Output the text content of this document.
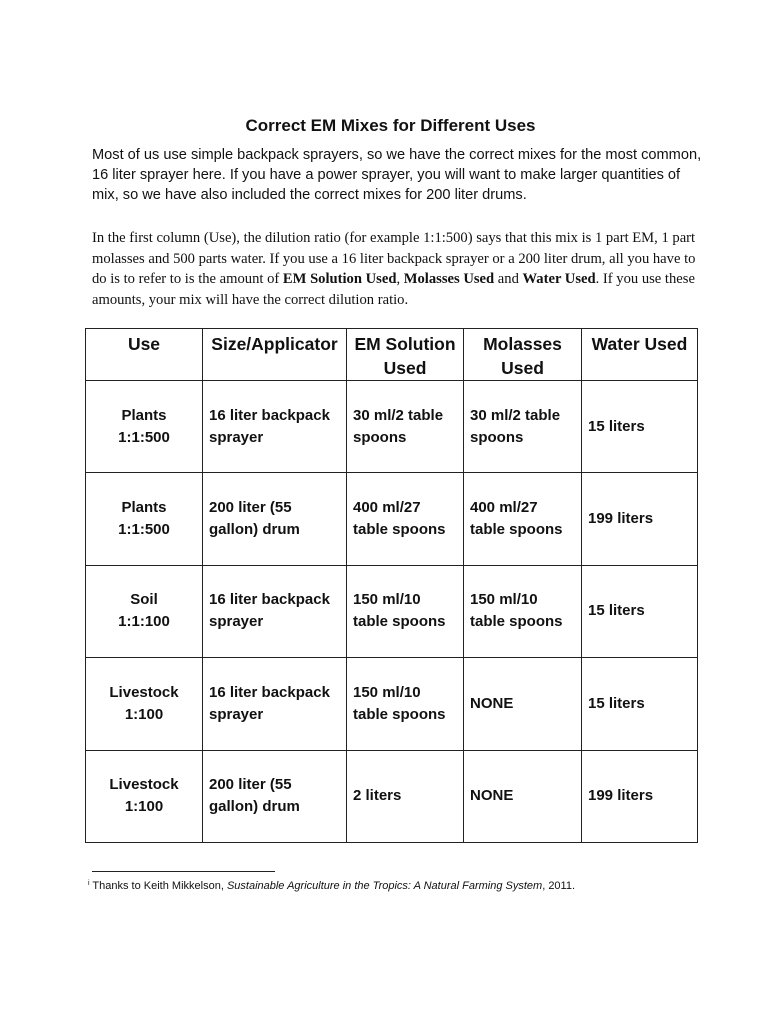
Correct EM Mixes for Different Uses

Most of us use simple backpack sprayers, so we have the correct mixes for the most common, 16 liter sprayer here. If you have a power sprayer, you will want to make larger quantities of mix, so we have also included the correct mixes for 200 liter drums.

In the first column (Use), the dilution ratio (for example 1:1:500) says that this mix is 1 part EM, 1 part molasses and 500 parts water. If you use a 16 liter backpack sprayer or a 200 liter drum, all you have to do is to refer to is the amount of EM Solution Used, Molasses Used and Water Used. If you use these amounts, your mix will have the correct dilution ratio.

Use	Size/Applicator	EM Solution Used	Molasses Used	Water Used
Plants
1:1:500	16 liter backpack sprayer	30 ml/2 table spoons	30 ml/2 table spoons	15 liters
Plants
1:1:500	200 liter (55 gallon) drum	400 ml/27 table spoons	400 ml/27 table spoons	199 liters
Soil
1:1:100	16 liter backpack sprayer	150 ml/10 table spoons	150 ml/10 table spoons	15 liters
Livestock
1:100	16 liter backpack sprayer	150 ml/10 table spoons	NONE	15 liters
Livestock
1:100	200 liter (55 gallon) drum	2 liters	NONE	199 liters

$^i$ Thanks to Keith Mikkelson, Sustainable Agriculture in the Tropics: A Natural Farming System, 2011.
